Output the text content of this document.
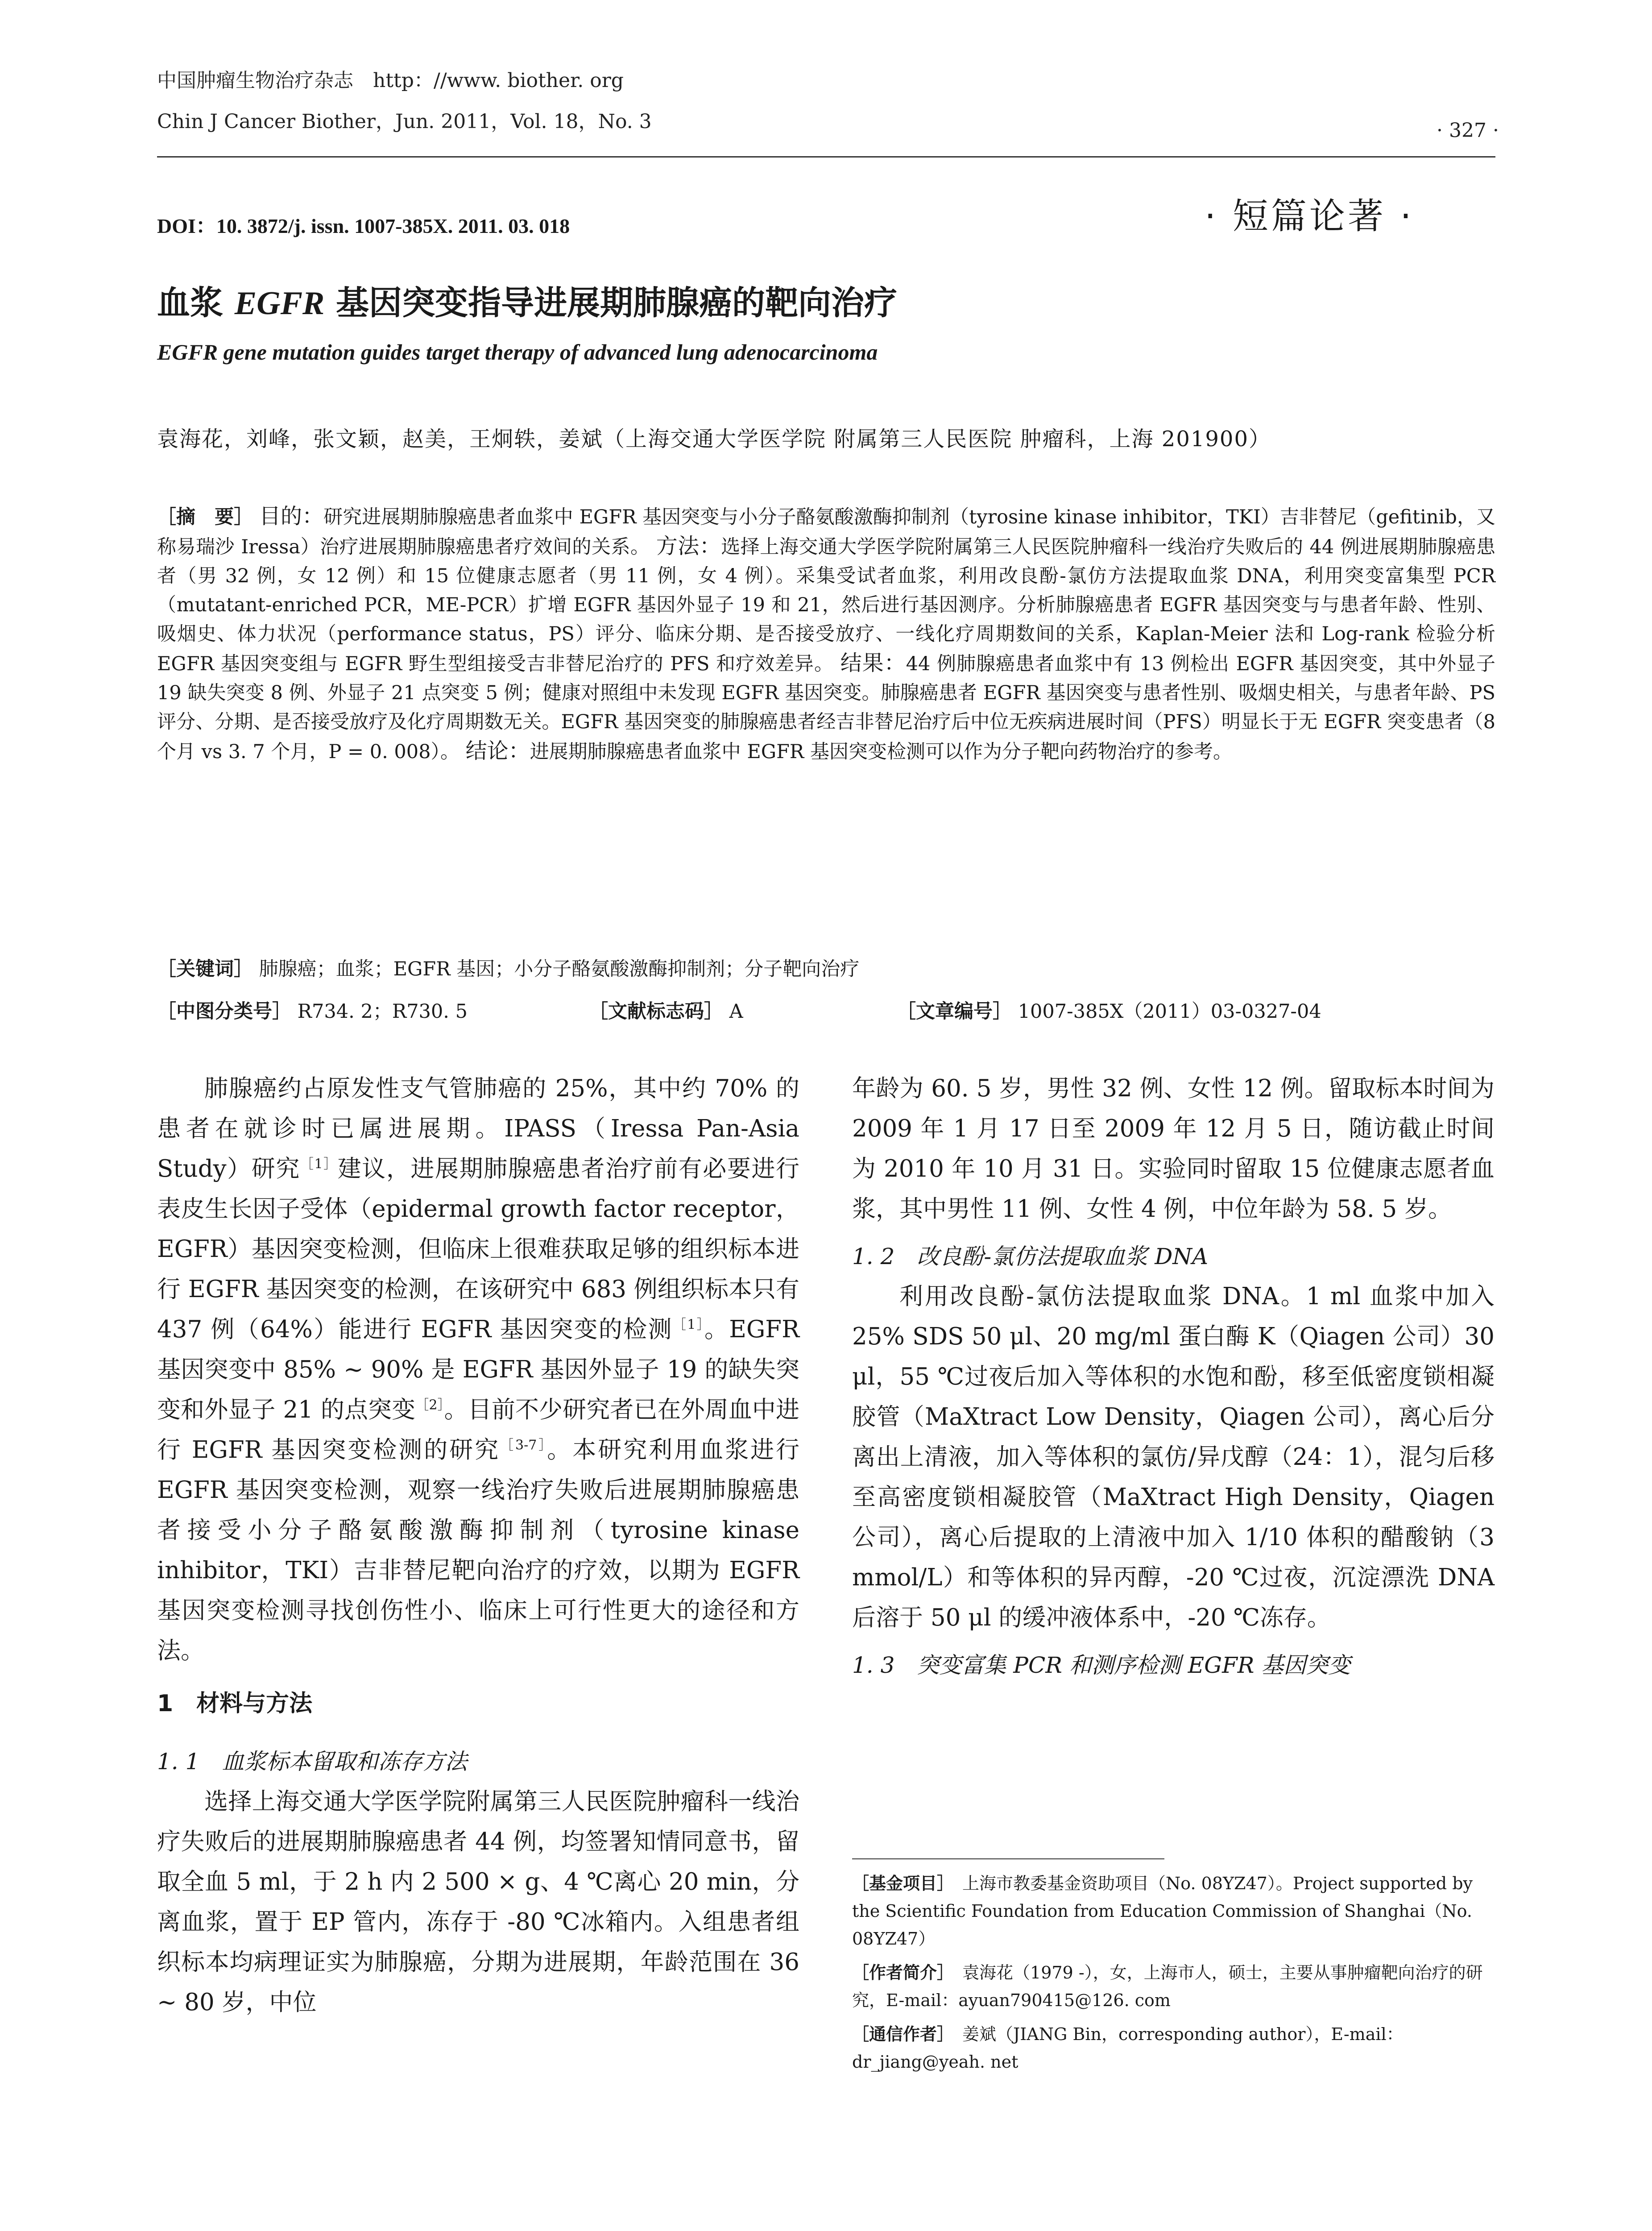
中国肿瘤生物治疗杂志　http：//www. biother. org
Chin J Cancer Biother，Jun. 2011，Vol. 18，No. 3	· 327 ·
DOI：10. 3872/j. issn. 1007-385X. 2011. 03. 018	· 短篇论著 ·
血浆 EGFR 基因突变指导进展期肺腺癌的靶向治疗
EGFR gene mutation guides target therapy of advanced lung adenocarcinoma
袁海花，刘峰，张文颖，赵美，王炯轶，姜斌（上海交通大学医学院 附属第三人民医院 肿瘤科，上海 201900）
［摘　要］ 目的：研究进展期肺腺癌患者血浆中 EGFR 基因突变与小分子酪氨酸激酶抑制剂（tyrosine kinase inhibitor，TKI）吉非替尼（gefitinib，又称易瑞沙 Iressa）治疗进展期肺腺癌患者疗效间的关系。 方法：选择上海交通大学医学院附属第三人民医院肿瘤科一线治疗失败后的 44 例进展期肺腺癌患者（男 32 例，女 12 例）和 15 位健康志愿者（男 11 例，女 4 例）。采集受试者血浆，利用改良酚-氯仿方法提取血浆 DNA，利用突变富集型 PCR（mutatant-enriched PCR，ME-PCR）扩增 EGFR 基因外显子 19 和 21，然后进行基因测序。分析肺腺癌患者 EGFR 基因突变与与患者年龄、性别、吸烟史、体力状况（performance status，PS）评分、临床分期、是否接受放疗、一线化疗周期数间的关系，Kaplan-Meier 法和 Log-rank 检验分析 EGFR 基因突变组与 EGFR 野生型组接受吉非替尼治疗的 PFS 和疗效差异。 结果：44 例肺腺癌患者血浆中有 13 例检出 EGFR 基因突变，其中外显子 19 缺失突变 8 例、外显子 21 点突变 5 例；健康对照组中未发现 EGFR 基因突变。肺腺癌患者 EGFR 基因突变与患者性别、吸烟史相关，与患者年龄、PS 评分、分期、是否接受放疗及化疗周期数无关。EGFR 基因突变的肺腺癌患者经吉非替尼治疗后中位无疾病进展时间（PFS）明显长于无 EGFR 突变患者（8 个月 vs 3. 7 个月，P = 0. 008）。 结论：进展期肺腺癌患者血浆中 EGFR 基因突变检测可以作为分子靶向药物治疗的参考。
［关键词］ 肺腺癌；血浆；EGFR 基因；小分子酪氨酸激酶抑制剂；分子靶向治疗
［中图分类号］ R734. 2；R730. 5	［文献标志码］ A	［文章编号］ 1007-385X（2011）03-0327-04

肺腺癌约占原发性支气管肺癌的 25%，其中约 70% 的患者在就诊时已属进展期。IPASS（Iressa Pan-Asia Study）研究$^{[1]}$建议，进展期肺腺癌患者治疗前有必要进行表皮生长因子受体（epidermal growth factor receptor，EGFR）基因突变检测，但临床上很难获取足够的组织标本进行 EGFR 基因突变的检测，在该研究中 683 例组织标本只有 437 例（64%）能进行 EGFR 基因突变的检测$^{[1]}$。EGFR 基因突变中 85% ~ 90% 是 EGFR 基因外显子 19 的缺失突变和外显子 21 的点突变$^{[2]}$。目前不少研究者已在外周血中进行 EGFR 基因突变检测的研究$^{[3-7]}$。本研究利用血浆进行 EGFR 基因突变检测，观察一线治疗失败后进展期肺腺癌患者接受小分子酪氨酸激酶抑制剂（tyrosine kinase inhibitor，TKI）吉非替尼靶向治疗的疗效，以期为 EGFR 基因突变检测寻找创伤性小、临床上可行性更大的途径和方法。

1　材料与方法

1. 1　血浆标本留取和冻存方法

选择上海交通大学医学院附属第三人民医院肿瘤科一线治疗失败后的进展期肺腺癌患者 44 例，均签署知情同意书，留取全血 5 ml，于 2 h 内 2 500 × g、4 ℃离心 20 min，分离血浆，置于 EP 管内，冻存于 -80 ℃冰箱内。入组患者组织标本均病理证实为肺腺癌，分期为进展期，年龄范围在 36 ~ 80 岁，中位

年龄为 60. 5 岁，男性 32 例、女性 12 例。留取标本时间为 2009 年 1 月 17 日至 2009 年 12 月 5 日，随访截止时间为 2010 年 10 月 31 日。实验同时留取 15 位健康志愿者血浆，其中男性 11 例、女性 4 例，中位年龄为 58. 5 岁。

1. 2　改良酚-氯仿法提取血浆 DNA

利用改良酚-氯仿法提取血浆 DNA。1 ml 血浆中加入 25% SDS 50 μl、20 mg/ml 蛋白酶 K（Qiagen 公司）30 μl，55 ℃过夜后加入等体积的水饱和酚，移至低密度锁相凝胶管（MaXtract Low Density，Qiagen 公司），离心后分离出上清液，加入等体积的氯仿/异戊醇（24：1），混匀后移至高密度锁相凝胶管（MaXtract High Density，Qiagen 公司），离心后提取的上清液中加入 1/10 体积的醋酸钠（3 mmol/L）和等体积的异丙醇，-20 ℃过夜，沉淀漂洗 DNA 后溶于 50 μl 的缓冲液体系中，-20 ℃冻存。

1. 3　突变富集 PCR 和测序检测 EGFR 基因突变

［基金项目］　 上海市教委基金资助项目（No. 08YZ47）。Project supported by the Scientific Foundation from Education Commission of Shanghai（No. 08YZ47）
［作者简介］　 袁海花（1979 -），女，上海市人，硕士，主要从事肿瘤靶向治疗的研究，E-mail：ayuan790415@126. com
［通信作者］　 姜斌（JIANG Bin，corresponding author），E-mail：dr_jiang@yeah. net
